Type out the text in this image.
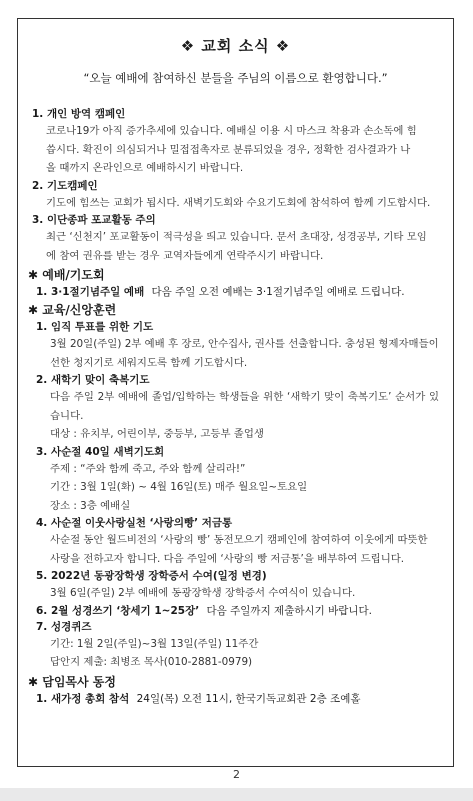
❖ 교회 소식 ❖
“오늘 예배에 참여하신 분들을 주님의 이름으로 환영합니다.”
1. 개인 방역 캠페인
코로나19가 아직 증가추세에 있습니다. 예배실 이용 시 마스크 착용과 손소독에 힘
씁시다. 확진이 의심되거나 밀접접촉자로 분류되었을 경우, 정확한 검사결과가 나
올 때까지 온라인으로 예배하시기 바랍니다.
2. 기도캠페인
기도에 힘쓰는 교회가 됩시다. 새벽기도회와 수요기도회에 참석하여 함께 기도합시다.
3. 이단종파 포교활동 주의
최근 ‘신천지’ 포교활동이 적극성을 띄고 있습니다. 문서 초대장, 성경공부, 기타 모임
에 참여 권유를 받는 경우 교역자들에게 연락주시기 바랍니다.
✱ 예배/기도회
1. 3·1절기념주일 예배 다음 주일 오전 예배는 3·1절기념주일 예배로 드립니다.
✱ 교육/신앙훈련
1. 임직 투표를 위한 기도
3월 20일(주일) 2부 예배 후 장로, 안수집사, 권사를 선출합니다. 충성된 형제자매들이
선한 청지기로 세워지도록 함께 기도합시다.
2. 새학기 맞이 축복기도
다음 주일 2부 예배에 졸업/입학하는 학생들을 위한 ‘새학기 맞이 축복기도’ 순서가 있습니다.
대상 : 유치부, 어린이부, 중등부, 고등부 졸업생
3. 사순절 40일 새벽기도회
주제 : “주와 함께 죽고, 주와 함께 살리라!”
기간 : 3월 1일(화) ~ 4월 16일(토) 매주 월요일~토요일
장소 : 3층 예배실
4. 사순절 이웃사랑실천 ‘사랑의빵’ 저금통
사순절 동안 월드비전의 ‘사랑의 빵’ 동전모으기 캠페인에 참여하여 이웃에게 따뜻한
사랑을 전하고자 합니다. 다음 주일에 ‘사랑의 빵 저금통’을 배부하여 드립니다.
5. 2022년 동광장학생 장학증서 수여(일정 변경)
3월 6일(주일) 2부 예배에 동광장학생 장학증서 수여식이 있습니다.
6. 2월 성경쓰기 ‘창세기 1~25장’ 다음 주일까지 제출하시기 바랍니다.
7. 성경퀴즈
기간: 1월 2일(주일)~3월 13일(주일) 11주간
답안지 제출: 최병조 목사(010-2881-0979)
✱ 담임목사 동정
1. 새가정 총회 참석 24일(목) 오전 11시, 한국기독교회관 2층 조예홀
2
